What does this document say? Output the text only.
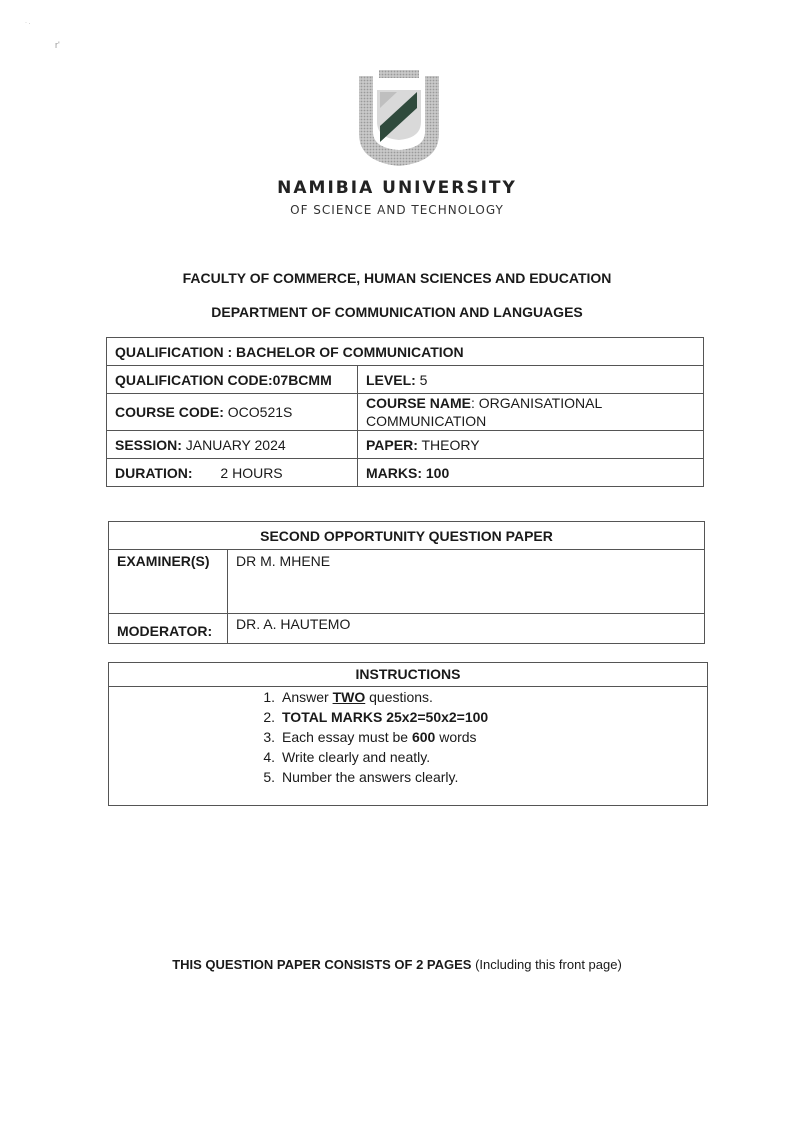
· .
r'
NAMIBIA UNIVERSITY
OF SCIENCE AND TECHNOLOGY
FACULTY OF COMMERCE, HUMAN SCIENCES AND EDUCATION
DEPARTMENT OF COMMUNICATION AND LANGUAGES
QUALIFICATION : BACHELOR OF COMMUNICATION	
QUALIFICATION CODE:07BCMM	LEVEL: 5
COURSE CODE: OCO521S	COURSE NAME: ORGANISATIONAL COMMUNICATION
SESSION: JANUARY 2024	PAPER: THEORY
DURATION: 2 HOURS	MARKS: 100
SECOND OPPORTUNITY QUESTION PAPER	
EXAMINER(S)	DR M. MHENE
MODERATOR:	DR. A. HAUTEMO
INSTRUCTIONS
1. Answer TWO questions.
2. TOTAL MARKS 25x2=50x2=100
3. Each essay must be 600 words
4. Write clearly and neatly.
5. Number the answers clearly.
THIS QUESTION PAPER CONSISTS OF 2 PAGES (Including this front page)
